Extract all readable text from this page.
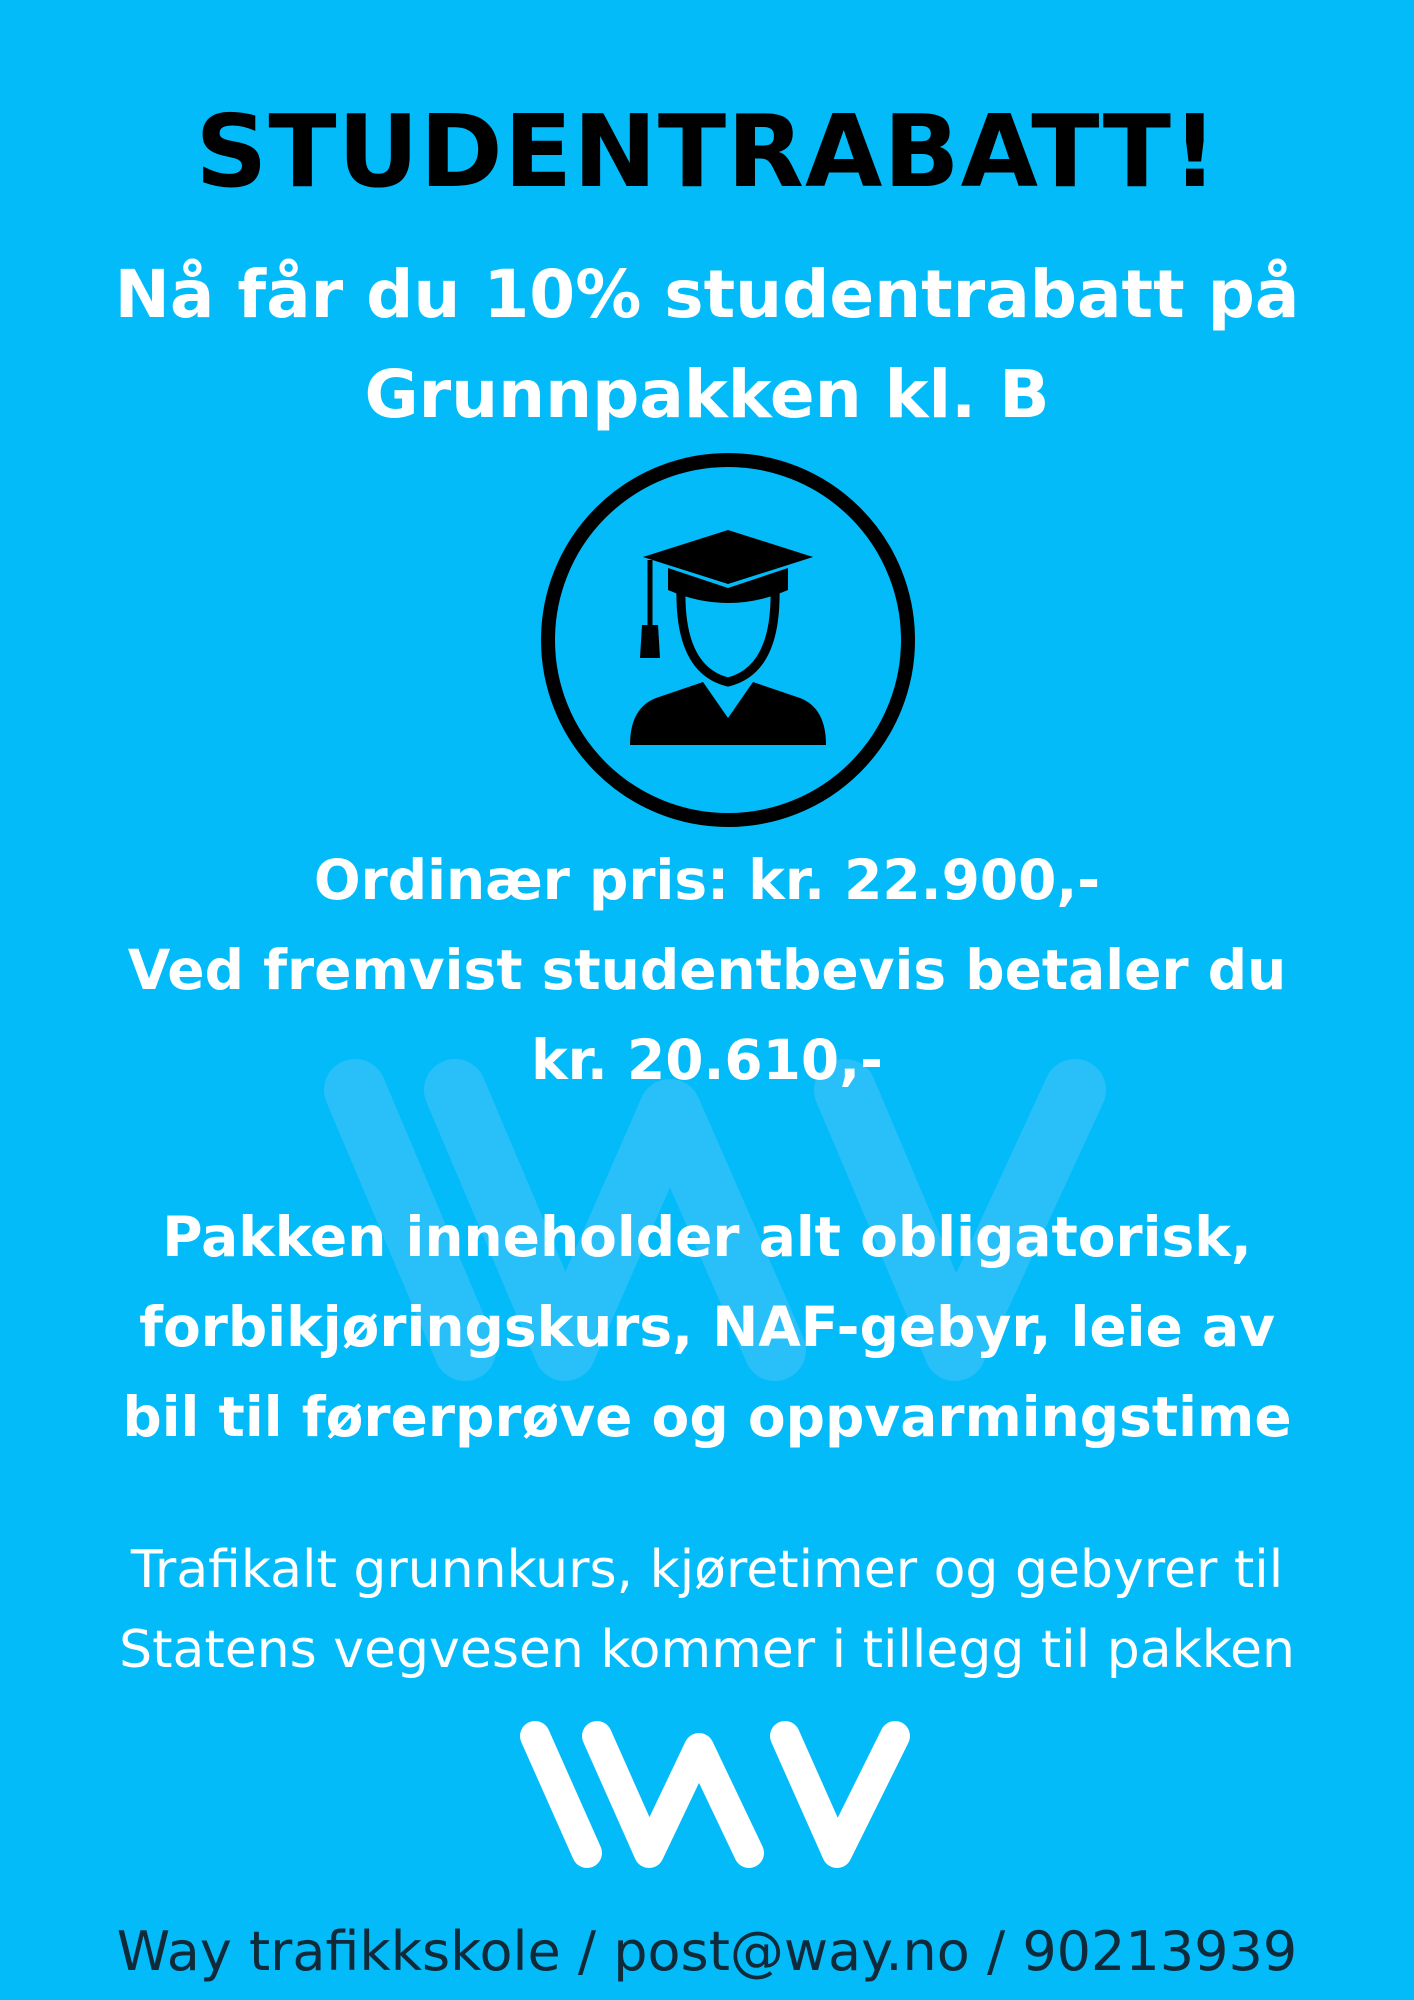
STUDENTRABATT!

Nå får du 10% studentrabatt på
Grunnpakken kl. B

Ordinær pris: kr. 22.900,-
Ved fremvist studentbevis betaler du
kr. 20.610,-

Pakken inneholder alt obligatorisk,
forbikjøringskurs, NAF-gebyr, leie av
bil til førerprøve og oppvarmingstime

Trafikalt grunnkurs, kjøretimer og gebyrer til
Statens vegvesen kommer i tillegg til pakken

Way trafikkskole / post@way.no / 90213939
